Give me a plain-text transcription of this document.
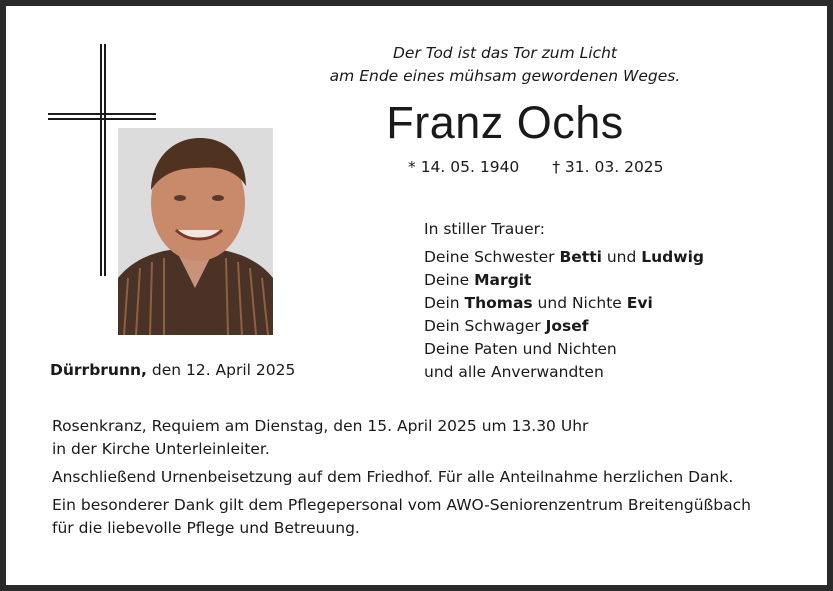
Der Tod ist das Tor zum Licht
am Ende eines mühsam gewordenen Weges.
Franz Ochs
* 14. 05. 1940 † 31. 03. 2025
In stiller Trauer:
Deine Schwester Betti und Ludwig
Deine Margit
Dein Thomas und Nichte Evi
Dein Schwager Josef
Deine Paten und Nichten
und alle Anverwandten
Dürrbrunn, den 12. April 2025

Rosenkranz, Requiem am Dienstag, den 15. April 2025 um 13.30 Uhr
in der Kirche Unterleinleiter.

Anschließend Urnenbeisetzung auf dem Friedhof. Für alle Anteilnahme herzlichen Dank.

Ein besonderer Dank gilt dem Pflegepersonal vom AWO-Seniorenzentrum Breitengüßbach
für die liebevolle Pflege und Betreuung.
